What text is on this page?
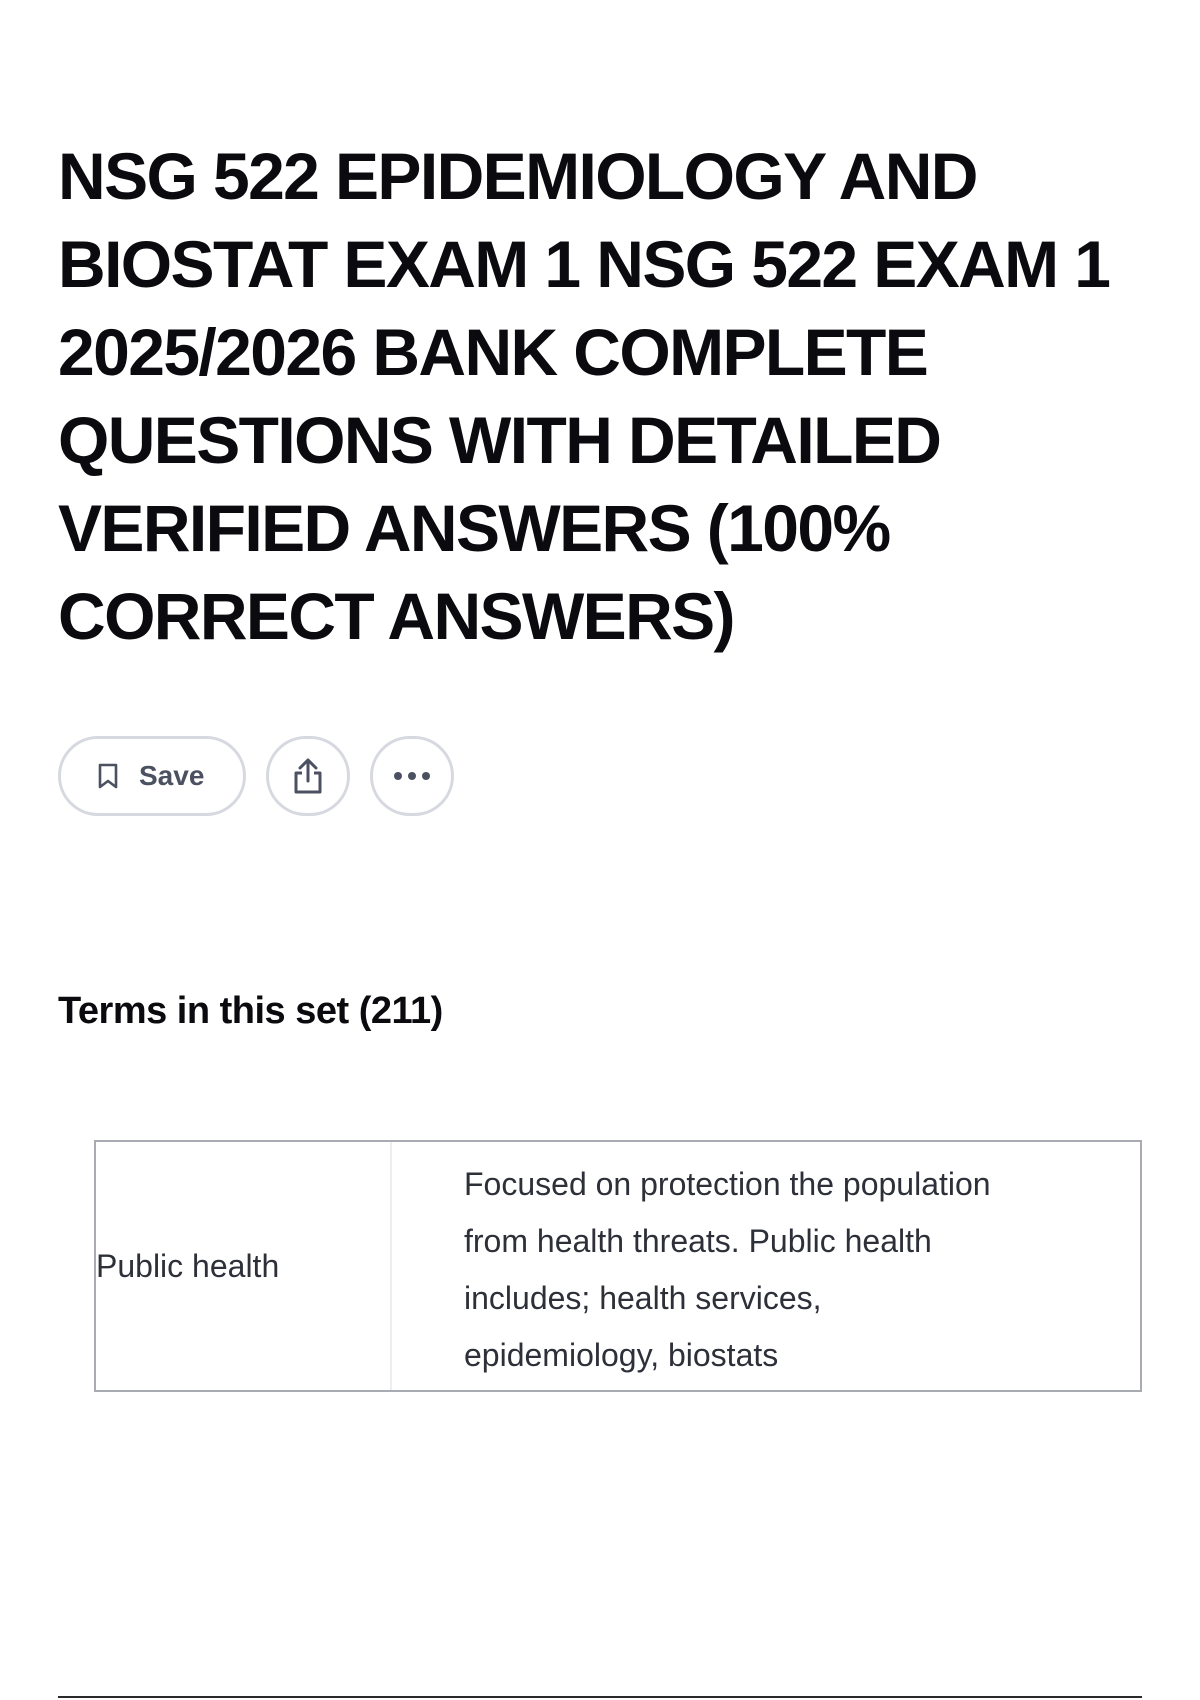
NSG 522 EPIDEMIOLOGY AND BIOSTAT EXAM 1 NSG 522 EXAM 1 2025/2026 BANK COMPLETE QUESTIONS WITH DETAILED VERIFIED ANSWERS (100% CORRECT ANSWERS)
Save
Terms in this set (211)
Public health
Focused on protection the population from health threats. Public health includes; health services, epidemiology, biostats
